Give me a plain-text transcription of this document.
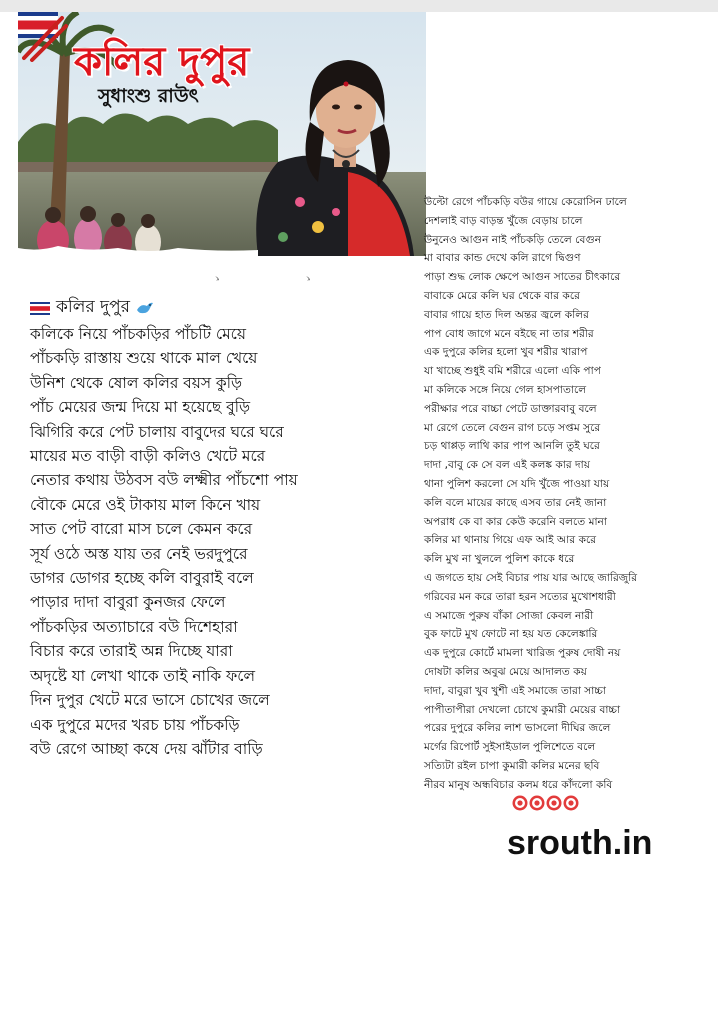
কলির দুপুর
সুধাংশু রাউৎ
ゝ	ゝ
কলির দুপুর
কলিকে নিয়ে পাঁচকড়ির পাঁচটি মেয়ে
পাঁচকড়ি রাস্তায় শুয়ে থাকে মাল খেয়ে
উনিশ থেকে ষোল কলির বয়স কুড়ি
পাঁচ মেয়ের জন্ম দিয়ে মা হয়েছে বুড়ি
ঝিগিরি করে পেট চালায় বাবুদের ঘরে ঘরে
মায়ের মত বাড়ী বাড়ী কলিও খেটে মরে
নেতার কথায় উঠবস বউ লক্ষ্মীর পাঁচশো পায়
বৌকে মেরে ওই টাকায় মাল কিনে খায়
সাত পেট বারো মাস চলে কেমন করে
সূর্য ওঠে অস্ত যায় তর নেই ভরদুপুরে
ডাগর ডোগর হচ্ছে কলি বাবুরাই বলে
পাড়ার দাদা বাবুরা কুনজর ফেলে
পাঁচকড়ির অত্যাচারে বউ দিশেহারা
বিচার করে তারাই অন্ন দিচ্ছে যারা
অদৃষ্টে যা লেখা থাকে তাই নাকি ফলে
দিন দুপুর খেটে মরে ভাসে চোখের জলে
এক দুপুরে মদের খরচ চায় পাঁচকড়ি
বউ রেগে আচ্ছা কষে দেয় ঝাঁটার বাড়ি
উল্টো রেগে পাঁচকড়ি বউর গায়ে কেরোসিন ঢালে
দেশলাই বাড় বাড়ন্ত খুঁজে বেড়ায় চালে
উনুনেও আগুন নাই পাঁচকড়ি তেলে বেগুন
মা বাবার কান্ড দেখে কলি রাগে দ্বিগুণ
পাড়া শুদ্ধ লোক ক্ষেপে আগুন সাতের চীৎকারে
বাবাকে মেরে কলি ঘর থেকে বার করে
বাবার গায়ে হাত দিল অন্তর জ্বলে কলির
পাপ বোধ জাগে মনে বইছে না তার শরীর
এক দুপুরে কলির হলো খুব শরীর খারাপ
যা খাচ্ছে শুধুই বমি শরীরে এলো একি পাপ
মা কলিকে সঙ্গে নিয়ে গেল হাসপাতালে
পরীক্ষার পরে বাচ্চা পেটে ডাক্তারবাবু বলে
মা রেগে তেলে বেগুন রাগ চড়ে সপ্তম সুরে
চড় থাপ্পড় লাথি কার পাপ আনলি তুই ঘরে
দাদা ,বাবু কে সে বল এই কলঙ্ক কার দায়
থানা পুলিশ করলো সে যদি খুঁজে পাওয়া যায়
কলি বলে মায়ের কাছে এসব তার নেই জানা
অপরাধ কে বা কার কেউ করেনি বলতে মানা
কলির মা থানায় গিয়ে এফ আই আর করে
কলি মুখ না খুললে পুলিশ কাকে ধরে
এ জগতে হায় সেই বিচার পায় যার আছে জারিজুরি
গরিবের মন করে তারা হরন সত্যের মুখোশধারী
এ সমাজে পুরুষ বাঁকা সোজা কেবল নারী
বুক ফাটে মুখ ফোটে না হয় যত কেলেঙ্কারি
এক দুপুরে কোর্টে মামলা খারিজ পুরুষ দোষী নয়
দোষটা কলির অবুঝ মেয়ে আদালত কয়
দাদা, বাবুরা খুব খুশী এই সমাজে তারা সাচ্চা
পাপীতাপীরা দেখলো চোখে কুমারী মেয়ের বাচ্চা
পরের দুপুরে কলির লাশ ভাসলো দীঘির জলে
মর্গের রিপোর্ট সুইসাইডাল পুলিশেতে বলে
সত্যিটা রইল চাপা কুমারী কলির মনের ছবি
নীরব মানুষ অন্ধবিচার কলম ধরে কাঁদলো কবি
srouth.in
